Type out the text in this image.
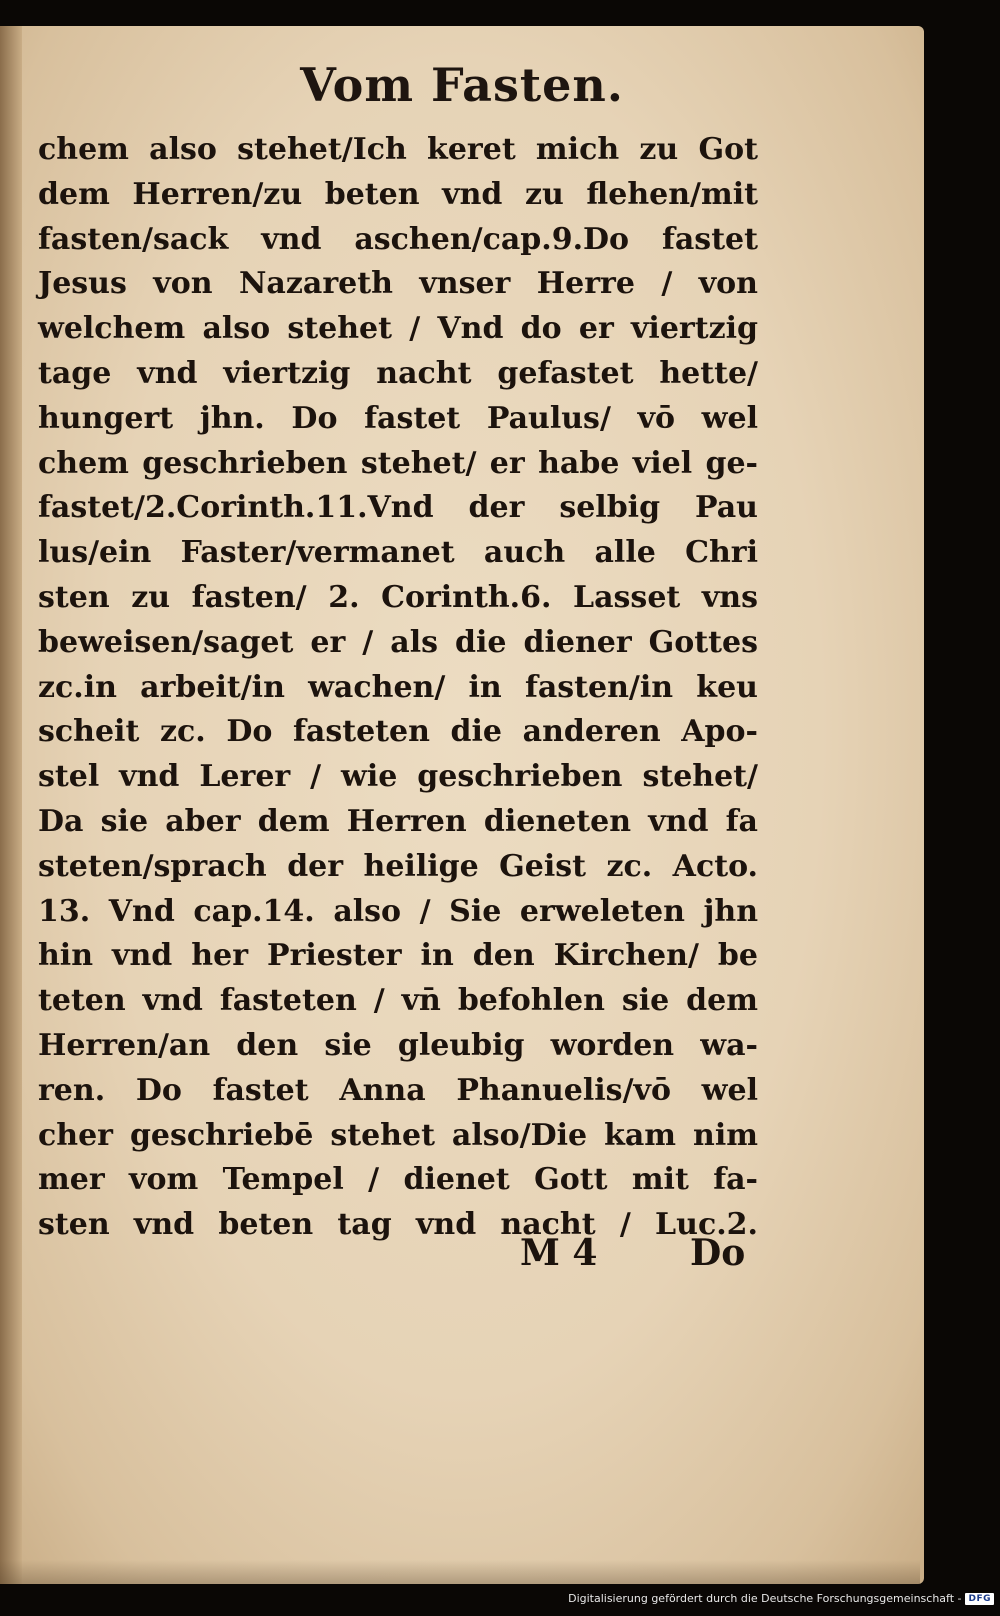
Vom Fasten.
chem also stehet/Ich keret mich zu Got
dem Herren/zu beten vnd zu flehen/mit
fasten/sack vnd aschen/cap.9.Do fastet
Jesus von Nazareth vnser Herre / von
welchem also stehet / Vnd do er viertzig
tage vnd viertzig nacht gefastet hette/
hungert jhn. Do fastet Paulus/ vō wel
chem geschrieben stehet/ er habe viel ge-
fastet/2.Corinth.11.Vnd der selbig Pau
lus/ein Faster/vermanet auch alle Chri
sten zu fasten/ 2. Corinth.6. Lasset vns
beweisen/saget er / als die diener Gottes
zc.in arbeit/in wachen/ in fasten/in keu
scheit zc. Do fasteten die anderen Apo-
stel vnd Lerer / wie geschrieben stehet/
Da sie aber dem Herren dieneten vnd fa
steten/sprach der heilige Geist zc. Acto.
13. Vnd cap.14. also / Sie erweleten jhn
hin vnd her Priester in den Kirchen/ be
teten vnd fasteten / vn̄ befohlen sie dem
Herren/an den sie gleubig worden wa-
ren. Do fastet Anna Phanuelis/vō wel
cher geschriebē stehet also/Die kam nim
mer vom Tempel / dienet Gott mit fa-
sten vnd beten tag vnd nacht / Luc.2.
M 4	Do
Digitalisierung gefördert durch die Deutsche Forschungsgemeinschaft - DFG
